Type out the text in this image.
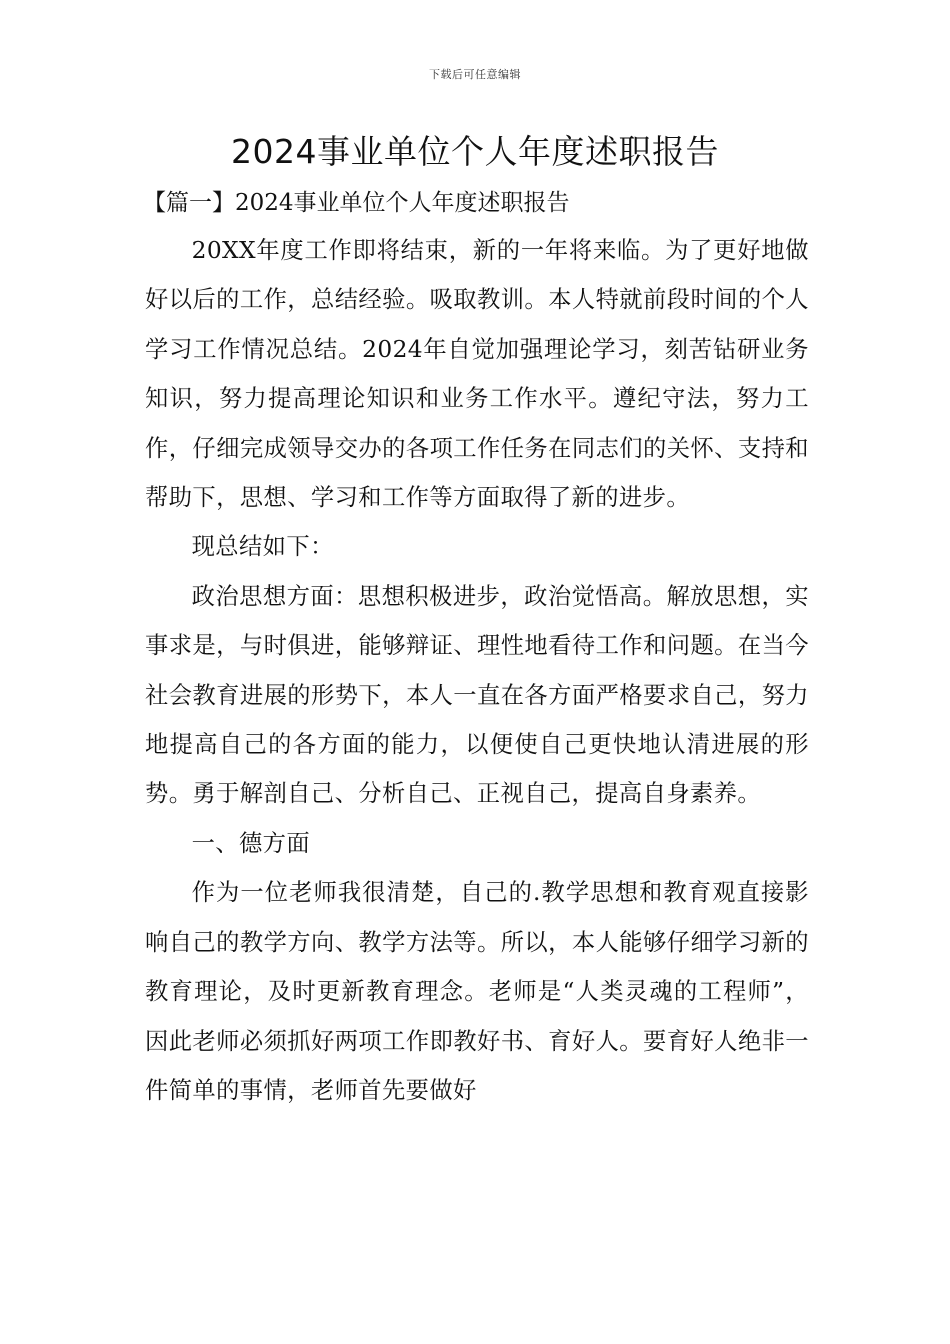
下载后可任意编辑
2024事业单位个人年度述职报告
【篇一】2024事业单位个人年度述职报告

20XX年度工作即将结束，新的一年将来临。为了更好地做好以后的工作，总结经验。吸取教训。本人特就前段时间的个人学习工作情况总结。2024年自觉加强理论学习，刻苦钻研业务知识，努力提高理论知识和业务工作水平。遵纪守法，努力工作，仔细完成领导交办的各项工作任务在同志们的关怀、支持和帮助下，思想、学习和工作等方面取得了新的进步。

现总结如下：

政治思想方面：思想积极进步，政治觉悟高。解放思想，实事求是，与时俱进，能够辩证、理性地看待工作和问题。在当今社会教育进展的形势下，本人一直在各方面严格要求自己，努力地提高自己的各方面的能力，以便使自己更快地认清进展的形势。勇于解剖自己、分析自己、正视自己，提高自身素养。

一、德方面

作为一位老师我很清楚，自己的.教学思想和教育观直接影响自己的教学方向、教学方法等。所以，本人能够仔细学习新的教育理论，及时更新教育理念。老师是“人类灵魂的工程师”，因此老师必须抓好两项工作即教好书、育好人。要育好人绝非一件简单的事情，老师首先要做好
